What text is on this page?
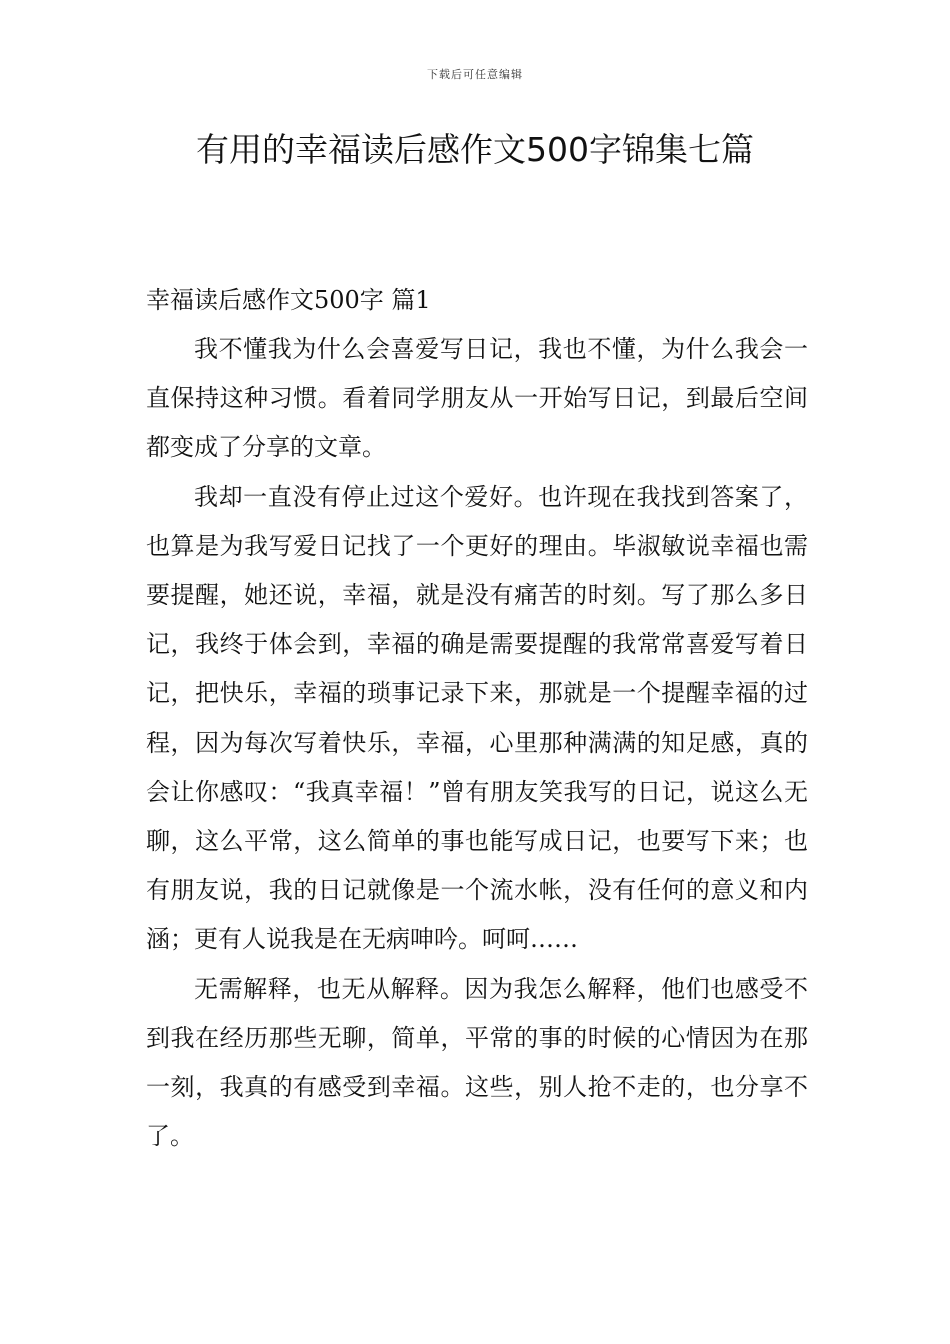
下载后可任意编辑
有用的幸福读后感作文500字锦集七篇
幸福读后感作文500字 篇1

我不懂我为什么会喜爱写日记，我也不懂，为什么我会一直保持这种习惯。看着同学朋友从一开始写日记，到最后空间都变成了分享的文章。

我却一直没有停止过这个爱好。也许现在我找到答案了，也算是为我写爱日记找了一个更好的理由。毕淑敏说幸福也需要提醒，她还说，幸福，就是没有痛苦的时刻。写了那么多日记，我终于体会到，幸福的确是需要提醒的我常常喜爱写着日记，把快乐，幸福的琐事记录下来，那就是一个提醒幸福的过程，因为每次写着快乐，幸福，心里那种满满的知足感，真的会让你感叹：“我真幸福！”曾有朋友笑我写的日记，说这么无聊，这么平常，这么简单的事也能写成日记，也要写下来；也有朋友说，我的日记就像是一个流水帐，没有任何的意义和内涵；更有人说我是在无病呻吟。呵呵……

无需解释，也无从解释。因为我怎么解释，他们也感受不到我在经历那些无聊，简单，平常的事的时候的心情因为在那一刻，我真的有感受到幸福。这些，别人抢不走的，也分享不了。
